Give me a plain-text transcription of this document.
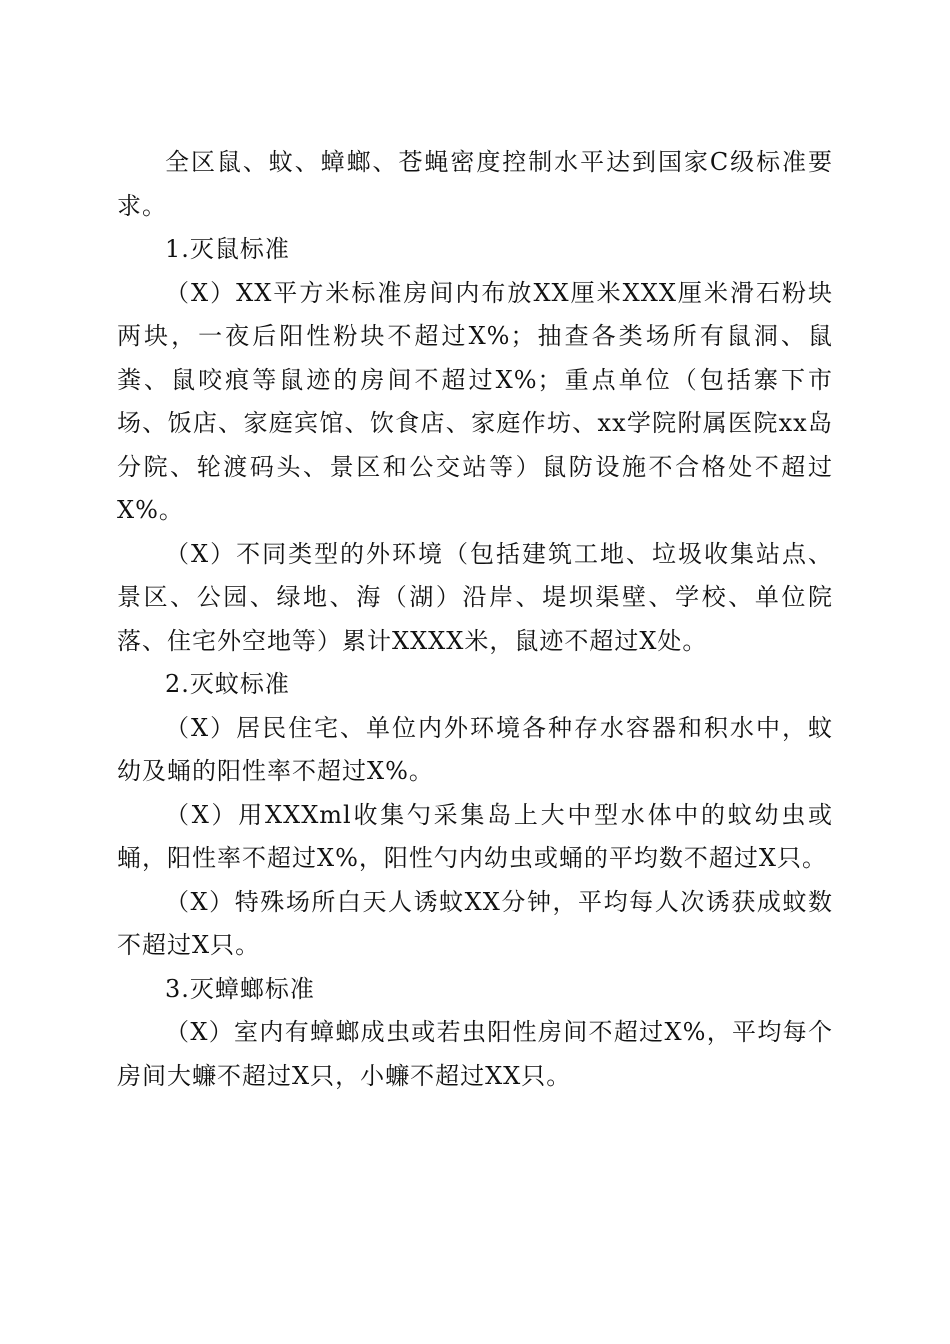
全区鼠、蚊、蟑螂、苍蝇密度控制水平达到国家C级标准要求。

1.灭鼠标准

（X）XX平方米标准房间内布放XX厘米XXX厘米滑石粉块两块，一夜后阳性粉块不超过X%；抽查各类场所有鼠洞、鼠粪、鼠咬痕等鼠迹的房间不超过X%；重点单位（包括寨下市场、饭店、家庭宾馆、饮食店、家庭作坊、xx学院附属医院xx岛分院、轮渡码头、景区和公交站等）鼠防设施不合格处不超过X%。

（X）不同类型的外环境（包括建筑工地、垃圾收集站点、景区、公园、绿地、海（湖）沿岸、堤坝渠壁、学校、单位院落、住宅外空地等）累计XXXX米，鼠迹不超过X处。

2.灭蚊标准

（X）居民住宅、单位内外环境各种存水容器和积水中，蚊幼及蛹的阳性率不超过X%。

（X）用XXXml收集勺采集岛上大中型水体中的蚊幼虫或蛹，阳性率不超过X%，阳性勺内幼虫或蛹的平均数不超过X只。

（X）特殊场所白天人诱蚊XX分钟，平均每人次诱获成蚊数不超过X只。

3.灭蟑螂标准

（X）室内有蟑螂成虫或若虫阳性房间不超过X%，平均每个房间大蠊不超过X只，小蠊不超过XX只。
